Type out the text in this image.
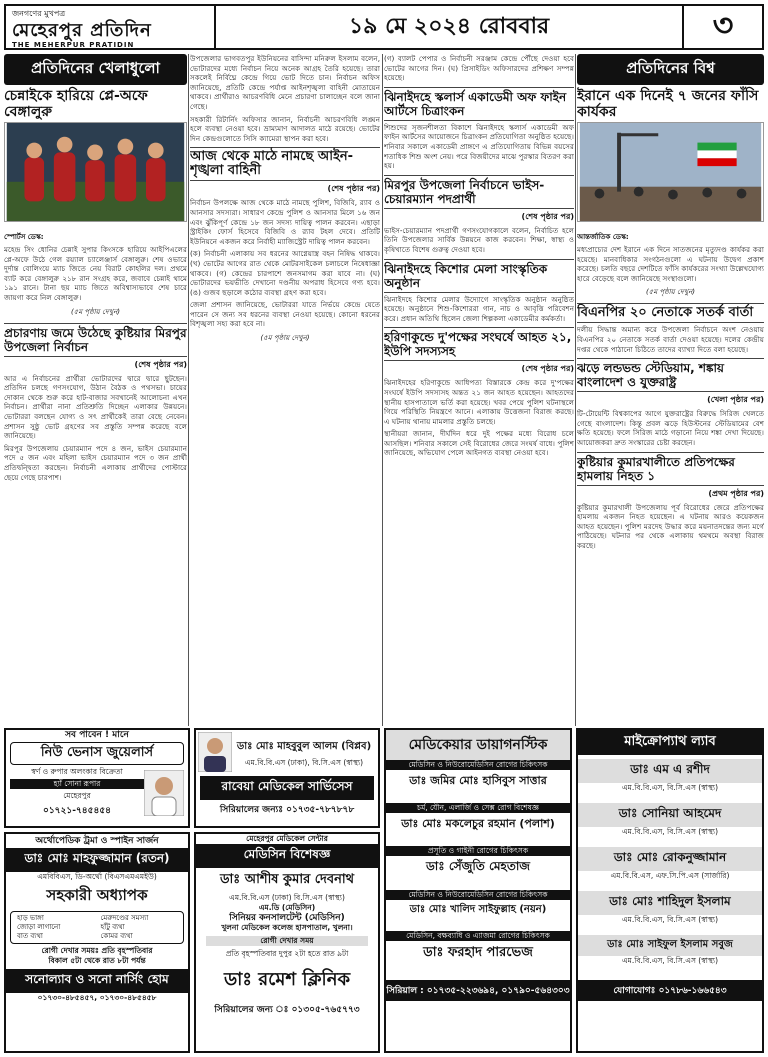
জনগণের মুখপত্র
মেহেরপুর প্রতিদিন
THE MEHERPUR PRATIDIN
১৯ মে ২০২৪ রোববার	৩
প্রতিদিনের খেলাধুলো
চেন্নাইকে হারিয়ে প্লে-অফে বেঙ্গালুরু
স্পোর্টস ডেস্ক:
মহেন্দ্র সিং ধোনির চেন্নাই সুপার কিংসকে হারিয়ে আইপিএলের প্লে-অফে উঠে গেল রয়্যাল চ্যালেঞ্জার্স বেঙ্গালুরু। শেষ ওভারে দুর্দান্ত বোলিংয়ে ম্যাচ জিতে নেয় বিরাট কোহলির দল। প্রথমে ব্যাট করে বেঙ্গালুরু ২১৮ রান সংগ্রহ করে, জবাবে চেন্নাই থামে ১৯১ রানে। টানা ছয় ম্যাচ জিতে অবিশ্বাস্যভাবে শেষ চারে জায়গা করে নিল বেঙ্গালুরু।
(৫ম পৃষ্ঠায় দেখুন)
প্রচারণায় জমে উঠেছে কুষ্টিয়ার মিরপুর উপজেলা নির্বাচন
(শেষ পৃষ্ঠার পর)
আর এ নির্বাচনের প্রার্থীরা ভোটারদের দ্বারে দ্বারে ছুটছেন। প্রতিদিন চলছে গণসংযোগ, উঠান বৈঠক ও পথসভা। চায়ের দোকান থেকে শুরু করে হাট-বাজার সবখানেই আলোচনা এখন নির্বাচন। প্রার্থীরা নানা প্রতিশ্রুতি দিচ্ছেন এলাকার উন্নয়নে। ভোটাররা বলছেন যোগ্য ও সৎ প্রার্থীকেই তারা বেছে নেবেন। প্রশাসন সুষ্ঠু ভোট গ্রহণের সব প্রস্তুতি সম্পন্ন করেছে বলে জানিয়েছে।
মিরপুর উপজেলায় চেয়ারম্যান পদে ৪ জন, ভাইস চেয়ারম্যান পদে ৫ জন এবং মহিলা ভাইস চেয়ারম্যান পদে ৩ জন প্রার্থী প্রতিদ্বন্দ্বিতা করছেন। নির্বাচনী এলাকায় প্রার্থীদের পোস্টারে ছেয়ে গেছে চারপাশ।
উপজেলার ভাগবতপুর ইউনিয়নের বাসিন্দা মনিরুল ইসলাম বলেন, ভোটারদের মধ্যে নির্বাচন নিয়ে অনেক আগ্রহ তৈরি হয়েছে। তারা সকলেই নির্বিঘ্নে কেন্দ্রে গিয়ে ভোট দিতে চান। নির্বাচন অফিস জানিয়েছে, প্রতিটি কেন্দ্রে পর্যাপ্ত আইনশৃঙ্খলা বাহিনী মোতায়েন থাকবে। প্রার্থীরাও আচরণবিধি মেনে প্রচারণা চালাচ্ছেন বলে জানা গেছে।
সহকারী রিটার্নিং অফিসার জানান, নির্বাচনী আচরণবিধি লঙ্ঘন হলে ব্যবস্থা নেওয়া হবে। ভ্রাম্যমাণ আদালত মাঠে রয়েছে। ভোটের দিন কেন্দ্রগুলোতে সিসি ক্যামেরা স্থাপন করা হবে।
আজ থেকে মাঠে নামছে আইন-শৃঙ্খলা বাহিনী
(শেষ পৃষ্ঠার পর)
নির্বাচন উপলক্ষে আজ থেকে মাঠে নামছে পুলিশ, বিজিবি, র‌্যাব ও আনসার সদস্যরা। সাধারণ কেন্দ্রে পুলিশ ও আনসার মিলে ১৬ জন এবং ঝুঁকিপূর্ণ কেন্দ্রে ১৮ জন সদস্য দায়িত্ব পালন করবেন। এছাড়া স্ট্রাইকিং ফোর্স হিসেবে বিজিবি ও র‌্যাব টহল দেবে। প্রতিটি ইউনিয়নে একজন করে নির্বাহী ম্যাজিস্ট্রেট দায়িত্ব পালন করবেন।
(ক) নির্বাচনী এলাকায় সব ধরনের আগ্নেয়াস্ত্র বহন নিষিদ্ধ থাকবে। (খ) ভোটের আগের রাত থেকে মোটরসাইকেল চলাচলে নিষেধাজ্ঞা থাকবে। (গ) কেন্দ্রের চারপাশে জনসমাগম করা যাবে না। (ঘ) ভোটারদের ভয়ভীতি দেখানো দণ্ডনীয় অপরাধ হিসেবে গণ্য হবে। (ঙ) গুজব ছড়ালে কঠোর ব্যবস্থা গ্রহণ করা হবে।
জেলা প্রশাসন জানিয়েছে, ভোটাররা যাতে নির্ভয়ে কেন্দ্রে যেতে পারেন সে জন্য সব ধরনের ব্যবস্থা নেওয়া হয়েছে। কোনো ধরনের বিশৃঙ্খলা সহ্য করা হবে না।
(৫ম পৃষ্ঠায় দেখুন)
(গ) ব্যালট পেপার ও নির্বাচনী সরঞ্জাম কেন্দ্রে পৌঁছে দেওয়া হবে ভোটের আগের দিন। (ঘ) প্রিসাইডিং অফিসারদের প্রশিক্ষণ সম্পন্ন হয়েছে।
ঝিনাইদহে স্কলার্স একাডেমী অফ ফাইন আর্টসে চিত্রাংকন
শিশুদের সৃজনশীলতা বিকাশে ঝিনাইদহে স্কলার্স একাডেমী অফ ফাইন আর্টসের আয়োজনে চিত্রাংকন প্রতিযোগিতা অনুষ্ঠিত হয়েছে। শনিবার সকালে একাডেমী প্রাঙ্গণে এ প্রতিযোগিতায় বিভিন্ন বয়সের শতাধিক শিশু অংশ নেয়। পরে বিজয়ীদের মাঝে পুরস্কার বিতরণ করা হয়।
মিরপুর উপজেলা নির্বাচনে ভাইস-চেয়ারম্যান পদপ্রার্থী
(শেষ পৃষ্ঠার পর)
ভাইস-চেয়ারম্যান পদপ্রার্থী গণসংযোগকালে বলেন, নির্বাচিত হলে তিনি উপজেলার সার্বিক উন্নয়নে কাজ করবেন। শিক্ষা, স্বাস্থ্য ও কৃষিখাতে বিশেষ গুরুত্ব দেওয়া হবে।
ঝিনাইদহে কিশোর মেলা সাংস্কৃতিক অনুষ্ঠান
ঝিনাইদহে কিশোর মেলার উদ্যোগে সাংস্কৃতিক অনুষ্ঠান অনুষ্ঠিত হয়েছে। অনুষ্ঠানে শিশু-কিশোররা গান, নাচ ও আবৃত্তি পরিবেশন করে। প্রধান অতিথি ছিলেন জেলা শিল্পকলা একাডেমীর কর্মকর্তা।
হরিণাকুন্ডে দু'পক্ষের সংঘর্ষে আহত ২১, ইউপি সদস্যসহ
(শেষ পৃষ্ঠার পর)
ঝিনাইদহের হরিণাকুন্ডে আধিপত্য বিস্তারকে কেন্দ্র করে দু'পক্ষের সংঘর্ষে ইউপি সদস্যসহ অন্তত ২১ জন আহত হয়েছেন। আহতদের স্থানীয় হাসপাতালে ভর্তি করা হয়েছে। খবর পেয়ে পুলিশ ঘটনাস্থলে গিয়ে পরিস্থিতি নিয়ন্ত্রণে আনে। এলাকায় উত্তেজনা বিরাজ করছে। এ ঘটনায় থানায় মামলার প্রস্তুতি চলছে।
স্থানীয়রা জানান, দীর্ঘদিন ধরে দুই পক্ষের মধ্যে বিরোধ চলে আসছিল। শনিবার সকালে সেই বিরোধের জেরে সংঘর্ষ বাধে। পুলিশ জানিয়েছে, অভিযোগ পেলে আইনগত ব্যবস্থা নেওয়া হবে।
প্রতিদিনের বিশ্ব
ইরানে এক দিনেই ৭ জনের ফাঁসি কার্যকর
আন্তর্জাতিক ডেস্ক:
মধ্যপ্রাচ্যের দেশ ইরানে এক দিনে সাতজনের মৃত্যুদণ্ড কার্যকর করা হয়েছে। মানবাধিকার সংগঠনগুলো এ ঘটনায় উদ্বেগ প্রকাশ করেছে। চলতি বছরে দেশটিতে ফাঁসি কার্যকরের সংখ্যা উল্লেখযোগ্য হারে বেড়েছে বলে জানিয়েছে সংস্থাগুলো।
(৫ম পৃষ্ঠায় দেখুন)
বিএনপির ২০ নেতাকে সতর্ক বার্তা
দলীয় সিদ্ধান্ত অমান্য করে উপজেলা নির্বাচনে অংশ নেওয়ায় বিএনপির ২০ নেতাকে সতর্ক বার্তা দেওয়া হয়েছে। দলের কেন্দ্রীয় দপ্তর থেকে পাঠানো চিঠিতে তাদের ব্যাখ্যা দিতে বলা হয়েছে।
ঝড়ে লন্ডভন্ড স্টেডিয়াম, শঙ্কায় বাংলাদেশ ও যুক্তরাষ্ট্র
(খেলা পৃষ্ঠার পর)
টি-টোয়েন্টি বিশ্বকাপের আগে যুক্তরাষ্ট্রের বিরুদ্ধে সিরিজ খেলতে গেছে বাংলাদেশ। কিন্তু প্রবল ঝড়ে হিউস্টনের স্টেডিয়ামের বেশ ক্ষতি হয়েছে। ফলে সিরিজ মাঠে গড়ানো নিয়ে শঙ্কা দেখা দিয়েছে। আয়োজকরা দ্রুত সংস্কারের চেষ্টা করছেন।
কুষ্টিয়ার কুমারখালীতে প্রতিপক্ষের হামলায় নিহত ১
(প্রথম পৃষ্ঠার পর)
কুষ্টিয়ার কুমারখালী উপজেলায় পূর্ব বিরোধের জেরে প্রতিপক্ষের হামলায় একজন নিহত হয়েছেন। এ ঘটনায় আরও কয়েকজন আহত হয়েছেন। পুলিশ মরদেহ উদ্ধার করে ময়নাতদন্তের জন্য মর্গে পাঠিয়েছে। ঘটনার পর থেকে এলাকায় থমথমে অবস্থা বিরাজ করছে।
সব পাবেন ! মানে
নিউ ভেনাস জুয়েলার্স
স্বর্ণ ও রুপার অলংকার বিক্রেতা
হ্যাঁ সোনা রূপার
মেহেরপুর
০১৭২১-৭৪৫৪৫৪
অর্থোপেডিক ট্রমা ও স্পাইন সার্জন
ডাঃ মোঃ মাহফুজ্জামান (রতন)
এমবিবিএস, ডি-অর্থো (বিএসএমএমইউ)
সহকারী অধ্যাপক
হাড় ভাঙ্গা
জোড়া লাগানো
বাত ব্যথা
মেরুদণ্ডের সমস্যা
হাঁটু ব্যথা
কোমর ব্যথা
রোগী দেখার সময়ঃ প্রতি বৃহস্পতিবার
বিকাল ৫টা থেকে রাত ৮টা পর্যন্ত
সনোল্যাব ও সনো নার্সিং হোম
০১৭৩০-৪৮৫৪৫৭, ০১৭৩০-৪৮৫৪৫৮
ডাঃ মোঃ মাহবুবুল আলম (বিপ্লব)
এম.বি.বি.এস (ঢাকা), বি.সি.এস (স্বাস্থ্য)
রাবেয়া মেডিকেল সার্ভিসেস
সিরিয়ালের জন্যঃ ০১৭৩৫-৭৮৭৮৭৮
মেহেরপুর মেডিকেল সেন্টার
মেডিসিন বিশেষজ্ঞ
ডাঃ আশীষ কুমার দেবনাথ
এম.বি.বি.এস (ঢাকা) বি.সি.এস (স্বাস্থ্য)
এম.ডি (মেডিসিন)
সিনিয়র কনসালটেন্ট (মেডিসিন)
খুলনা মেডিকেল কলেজ হাসপাতাল, খুলনা।
রোগী দেখার সময়
প্রতি বৃহস্পতিবার দুপুর ২টা হতে রাত ৯টা
ডাঃ রমেশ ক্লিনিক
সিরিয়ালের জন্য ঃ ০১৩০৫-৭৬৫৭৭৩
মেডিকেয়ার ডায়াগনস্টিক
মেডিসিন ও নিউরোমেডিসিন রোগের চিকিৎসক
ডাঃ জমির মোঃ হাসিবুস সাত্তার
চর্ম, যৌন, এলার্জি ও সেক্স রোগ বিশেষজ্ঞ
ডাঃ মোঃ মকলেচুর রহমান (পলাশ)
প্রসূতি ও গাইনী রোগের চিকিৎসক
ডাঃ সেঁজুতি মেহতাজ
মেডিসিন ও নিউরোমেডিসিন রোগের চিকিৎসক
ডাঃ মোঃ খালিদ সাইফুল্লাহ (নয়ন)
মেডিসিন, বক্ষব্যাধি ও এ্যাজমা রোগের চিকিৎসক
ডাঃ ফরহাদ পারভেজ
সিরিয়াল : ০১৭৩৫-২২৩৬৯৪, ০১৭৯০-৫৬৪৩০৩
মাইক্রোপ্যাথ ল্যাব
ডাঃ এম এ রশীদ
এম.বি.বি.এস, বি.সি.এস (স্বাস্থ্য)
ডাঃ সোনিয়া আহমেদ
এম.বি.বি.এস, বি.সি.এস (স্বাস্থ্য)
ডাঃ মোঃ রোকনুজ্জামান
এম.বি.বি.এস, এফ.সি.পি.এস (সার্জারি)
ডাঃ মোঃ শাহিদুল ইসলাম
এম.বি.বি.এস, বি.সি.এস (স্বাস্থ্য)
ডাঃ মোঃ সাইফুল ইসলাম সবুজ
এম.বি.বি.এস, বি.সি.এস (স্বাস্থ্য)
যোগাযোগঃ ০১৭৮৬-১৬৬৫৪৩
